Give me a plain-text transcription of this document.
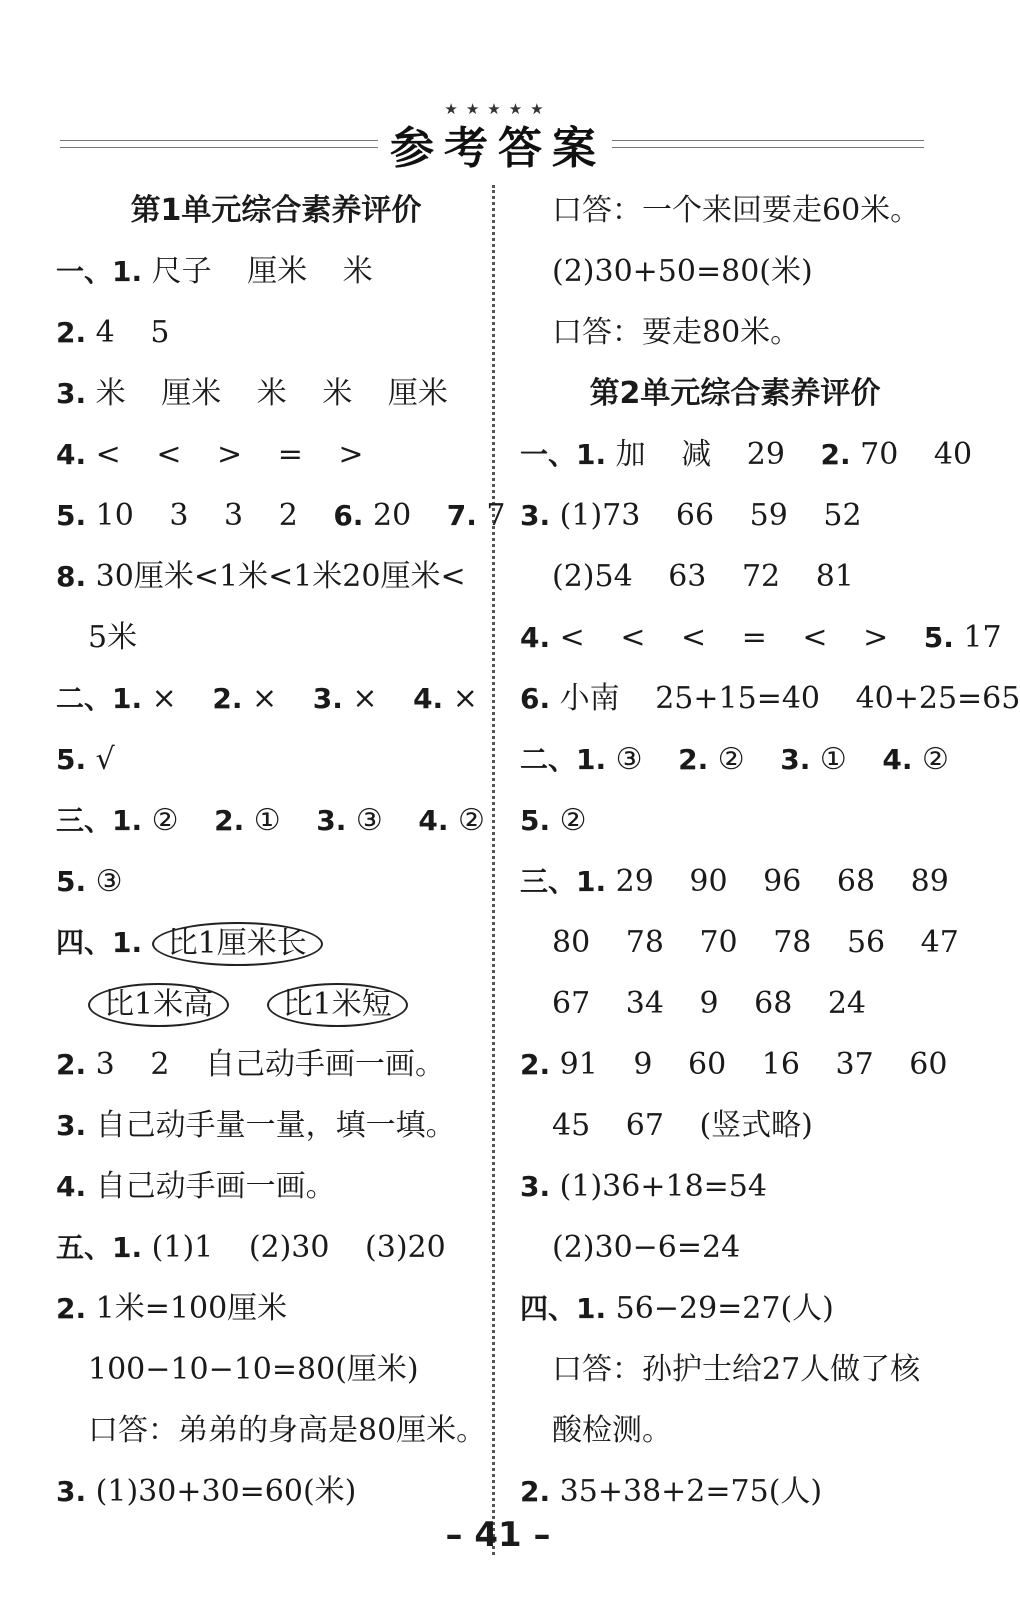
★★★★★
参考答案
第1单元综合素养评价
一、1. 尺子 厘米 米
2. 4 5
3. 米 厘米 米 米 厘米
4. < < > = >
5. 10 3 3 2 6. 20 7. 7
8. 30厘米<1米<1米20厘米<
5米
二、1. × 2. × 3. × 4. ×
5. √
三、1. ② 2. ① 3. ③ 4. ②
5. ③
四、1. 比1厘米长
比1米高 比1米短
2. 3 2 自己动手画一画。
3. 自己动手量一量，填一填。
4. 自己动手画一画。
五、1. (1)1 (2)30 (3)20
2. 1米=100厘米
100−10−10=80(厘米)
口答：弟弟的身高是80厘米。
3. (1)30+30=60(米)
口答：一个来回要走60米。
(2)30+50=80(米)
口答：要走80米。
第2单元综合素养评价
一、1. 加 减 29 2. 70 40
3. (1)73 66 59 52
(2)54 63 72 81
4. < < < = < > 5. 17
6. 小南 25+15=40 40+25=65
二、1. ③ 2. ② 3. ① 4. ②
5. ②
三、1. 29 90 96 68 89
80 78 70 78 56 47
67 34 9 68 24
2. 91 9 60 16 37 60
45 67 (竖式略)
3. (1)36+18=54
(2)30−6=24
四、1. 56−29=27(人)
口答：孙护士给27人做了核
酸检测。
2. 35+38+2=75(人)
– 41 –
